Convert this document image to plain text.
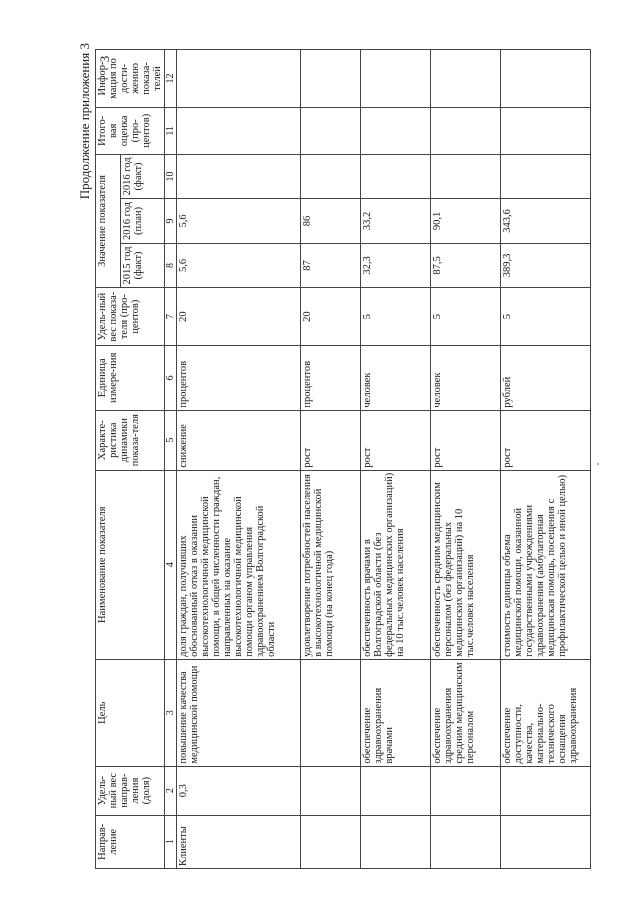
Продолжение приложения 3 3
Направ-ление	Удель-ный вес направ-ления (доля)	Цель	Наименование показателя	Характе-ристика динамики показа-теля	Единица измере-ния	Удель-ный вес показа-теля (про-центов)	Значение показателя			Итого-вая оценка (про-центов)	Инфор-мация по дости-жению показа-телей
							2015 год (факт)	2016 год (план)	2016 год (факт)		
1	2	3	4	5	6	7	8	9	10	11	12
Клиенты	0,3	повышение качества медицинской помощи	доля граждан, получивших обоснованный отказ в оказании высокотехнологичной медицинской помощи, в общей численности граждан, направленных на оказание высокотехнологичной медицинской помощи органом управления здравоохранением Волгоградской области	снижение	процентов	20	5,6	5,6			
			удовлетворение потребностей населения в высокотехнологичной медицинской помощи (на конец года)	рост	процентов	20	87	86			
		обеспечение здравоохранения врачами	обеспеченность врачами в Волгоградской области (без федеральных медицинских организаций) на 10 тыс.человек населения	рост	человек	5	32,3	33,2			
		обеспечение здравоохранения средним медицинским персоналом	обеспеченность средним медицинским персоналом (без федеральных медицинских организаций) на 10 тыс.человек населения	рост	человек	5	87,5	90,1			
		обеспечение доступности, качества, материально-технического оснащения здравоохранения	стоимость единицы объема медицинской помощи, оказанной государственными учреждениями здравоохранения (амбулаторная медицинская помощь, посещения с профилактической целью и иной целью)	рост	рублей	5	389,3	343,6			
